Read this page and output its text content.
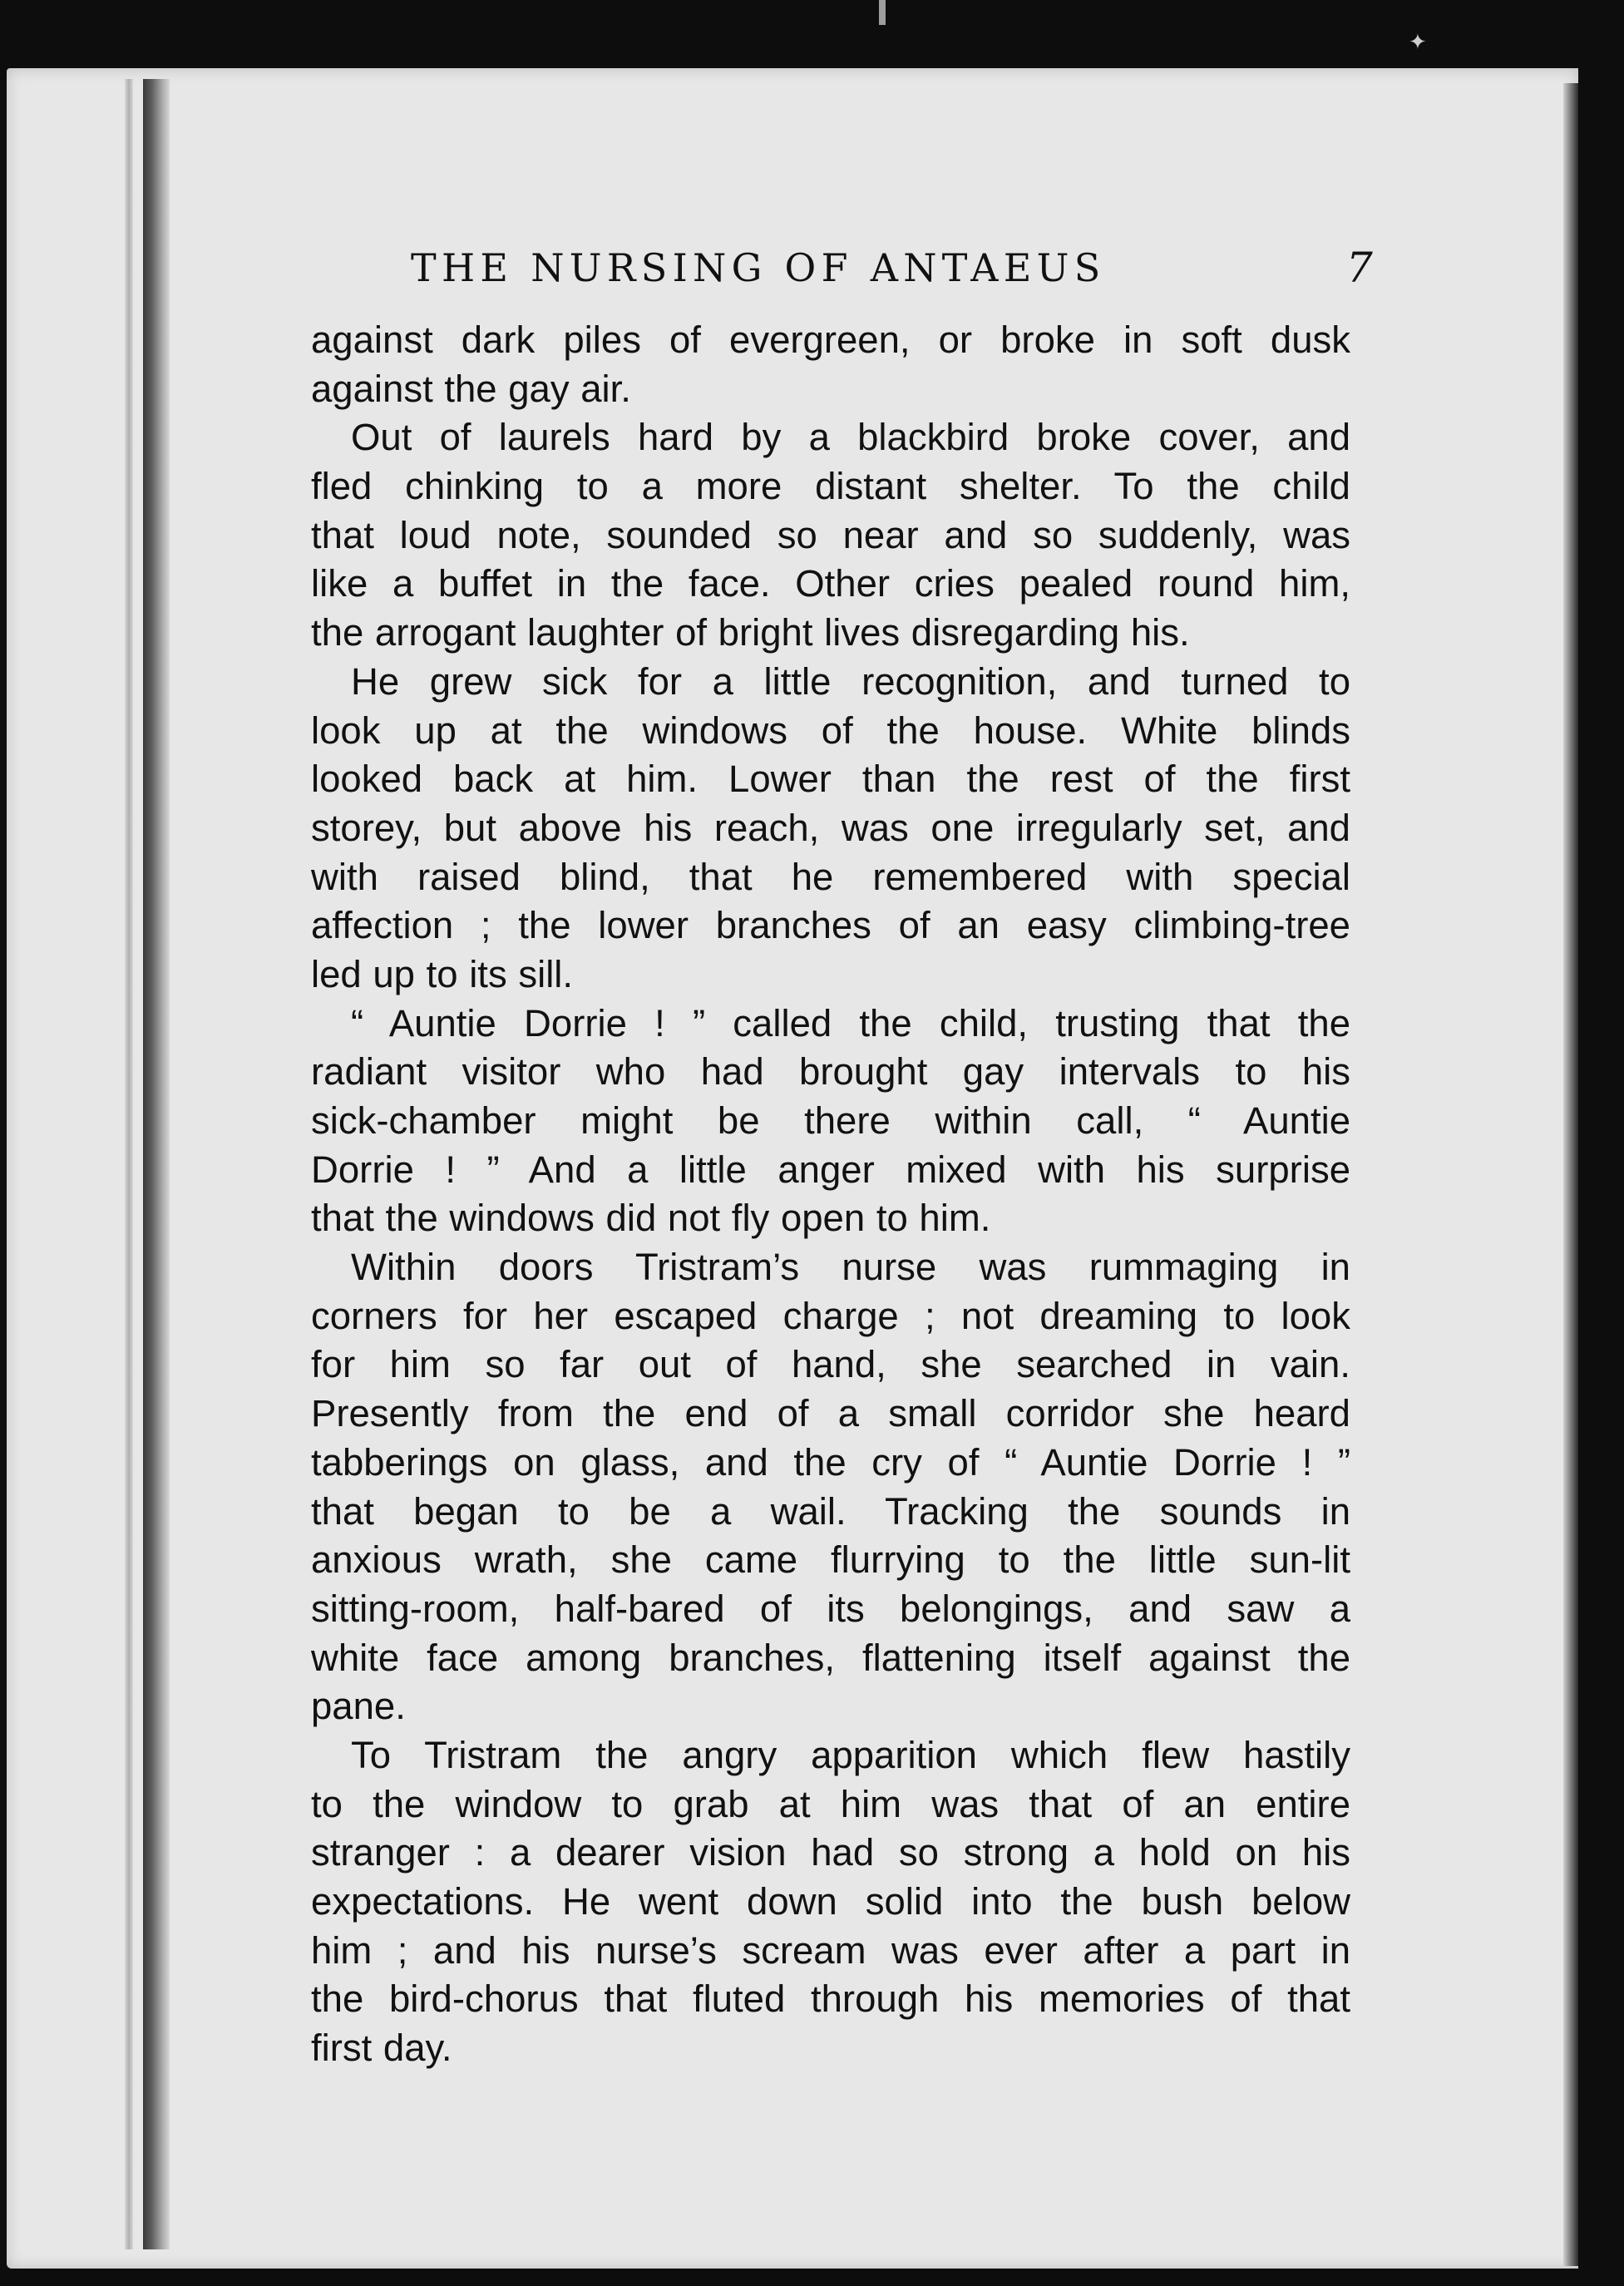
✦
THE NURSING OF ANTAEUS	7
against dark piles of evergreen, or broke in soft dusk
against the gay air.
Out of laurels hard by a blackbird broke cover, and
fled chinking to a more distant shelter. To the child
that loud note, sounded so near and so suddenly, was
like a buffet in the face. Other cries pealed round him,
the arrogant laughter of bright lives disregarding his.
He grew sick for a little recognition, and turned to
look up at the windows of the house. White blinds
looked back at him. Lower than the rest of the first
storey, but above his reach, was one irregularly set, and
with raised blind, that he remembered with special
affection ; the lower branches of an easy climbing-tree
led up to its sill.
“ Auntie Dorrie ! ” called the child, trusting that the
radiant visitor who had brought gay intervals to his
sick-chamber might be there within call, “ Auntie
Dorrie ! ” And a little anger mixed with his surprise
that the windows did not fly open to him.
Within doors Tristram’s nurse was rummaging in
corners for her escaped charge ; not dreaming to look
for him so far out of hand, she searched in vain.
Presently from the end of a small corridor she heard
tabberings on glass, and the cry of “ Auntie Dorrie ! ”
that began to be a wail. Tracking the sounds in
anxious wrath, she came flurrying to the little sun-lit
sitting-room, half-bared of its belongings, and saw a
white face among branches, flattening itself against the
pane.
To Tristram the angry apparition which flew hastily
to the window to grab at him was that of an entire
stranger : a dearer vision had so strong a hold on his
expectations. He went down solid into the bush below
him ; and his nurse’s scream was ever after a part in
the bird-chorus that fluted through his memories of that
first day.
